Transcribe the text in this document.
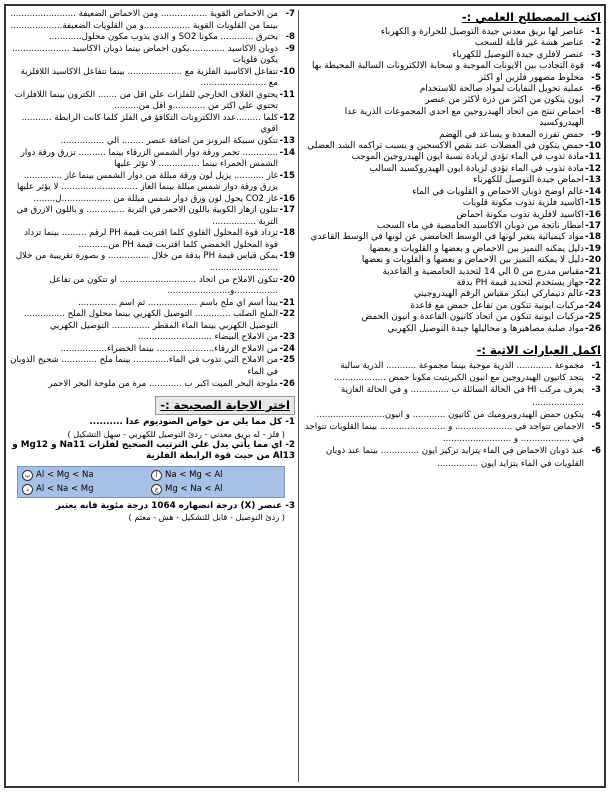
اكتب المصطلح العلمي :-
1-
عناصر لها بريق معدني جيدة التوصيل للحرارة و الكهرباء
2-
عناصر هشة غير قابلة للسحب
3-
عنصر لافلزي جيدة التوصيل للكهرباء
4-
قوة التجاذب بين الايونات الموجبة و سحابة الالكترونات السالبة المحيطة بها
5-
مخلوط مصهور فلزين او اكثر
6-
عملية تحويل النفايات لمواد صالحة للاستخدام
7-
ايون يتكون من اكثر من ذرة لاكثر من عنصر
8-
احماض تنتج من اتحاد الهيدروجين مع احدي المجموعات الذرية عدا الهيدروكسيد
9-
حمض تفرزه المعدة و يساعد في الهضم
10-
حمض يتكون في العضلات عند نقص الاكسجين و يسبب تراكمه الشد العضلي
11-
مادة تذوب في الماء تؤدي لزيادة نسبة ايون الهيدروجين الموجب
12-
مادة تذوب في الماء تؤدي لزيادة ايون الهيدروكسيد السالب
13-
احماض جيدة التوصيل للكهرباء
14-
عالم اوضح ذوبان الاحماض و القلويات في الماء
15-
اكاسيد فلزية تذوب مكونة قلويات
16-
اكاسيد لافلزية تذوب مكونة احماض
17-
امطار ناتجة من ذوبان الاكاسيد الحامضية في ماء السحب
18-
مواد كيميائية يتغير لونها في الوسط الحامضي عن لونها في الوسط القاعدي
19-
دليل يمكنه التميز بين الاحماض و بعضها و القلويات و بعضها
20-
دليل لا يمكنه التميز بين الاحماض و بعضها و القلويات و بعضها
21-
مقياس مدرج من 0 الي 14 لتحديد الحامضية و القاعدية
22-
جهاز يستخدم لتحديد قيمة PH بدقة
23-
عالم دنيماركي ابتكر مقياس الرقم الهيدروجيني
24-
مركبات ايونية تتكون من تفاعل حمض مع قاعدة
25-
مركبات ايونية تتكون من اتحاد كاتيون القاعدة و انيون الحمض
26-
مواد صلبة مصاهيرها و محاليلها جيدة التوصيل الكهربي
اكمل العبارات الاتية :-
1-
مجموعة ............. الذرية موجبة بينما مجموعة ........... الذرية سالبة
2-
يتحد كاتيون الهيدروجين مع انيون الكبريتيت مكونا حمض ...................
3-
يعرف مركب HI في الحالة السائلة ب .............. و في الحالة الغازية ...................
4-
يتكون حمض الهيدروبروميك من كاتيون ............ و انيون.........................
5-
الاحماض تتواجد في ..................... و ........................ بينما القلويات تتواجد في .................. و .........................
6-
عند ذوبان الاحماض في الماء يتزايد تركيز ايون .............. بينما عند ذوبان القلويات في الماء يتزايد ايون ...............
7-
من الاحماض القوية ................. ومن الاحماض الضعيفة ........................ بينما من القلويات القوية .................و من القلويات الضعيفة...................
8-
يحترق ............ مكونا SO2 و الذي يذوب مكون محلول............
9-
ذوبان الاكاسيد .............يكون احماض بينما ذوبان الاكاسيد ..................... يكون قلويات
10-
تتفاعل الاكاسيد الفلزية مع .................... بينما تتفاعل الاكاسيد اللافلزية مع ........................
11-
يحتوي الغلاف الخارجي للفلزات علي اقل من ....... الكترون بينما اللافلزات تحتوي علي اكثر من ............و اقل من.........
12-
كلما .........عدد الالكترونات التكافؤ في الفلز كلما كانت الرابطة ........... اقوي
13-
تتكون سبيكة البرونز من اضافة عنصر ........ الي ................
14-
............. تحمر ورقة دوار الشمس الزرقاء بينما .......... تزرق ورقة دوار الشمس الحمراء بينما ............... لا تؤثر عليها
15-
غاز ........... يزيل لون ورقة مبللة من دوار الشمس بينما غاز .............. يزرق ورقة دوار شمس مبللة بينما الغاز ............................ لا يؤثر عليها
16-
غاز CO2 يحول لون ورق دوار شمس مبللة من ..................ل........
17-
تتلون ازهار الكوبية باللون الاحمر في التربة .............. و باللون الازرق في التربة ................
18-
تزداد قوة المحلول القلوي كلما اقتربت قيمة PH لرقم ......... بينما تزداد قوة المحلول الحمضي كلما اقتربت قيمة PH من...........
19-
يمكن قياس قيمة PH بدقة من خلال ............... و بصورة تقريبية من خلال .........................
20-
تتكون الاملاح من اتحاد ............................ او تتكون من تفاعل ................و.......................
21-
يبدأ اسم اي ملح باسم .................. ثم اسم ..............
22-
الملح الصلب ............. التوصيل الكهربي بينما محلول الملح ............... التوصيل الكهربي بينما الماء المقطر .............. التوصيل الكهربي
23-
من الاملاح البيضاء ...........................
24-
من الاملاح الزرقاء..................... بينما الخضراء.................
25-
من الاملاح التي تذوب في الماء............. بينما ملح ............. شحيح الذوبان في الماء
26-
ملوحة البحر الميت اكبر ب ............ مرة من ملوحة البحر الاحمر
اختر الاجابة الصحيحة :-
1- كل مما يلي من خواص الصوديوم عدا ..........
( فلز - له بريق معدني - ردئ التوصيل للكهربي - سهل التشكيل )
2- اي مما يأتي يدل علي الترتيب الصحيح لفلزات Na11 و Mg12 و Al13 من حيث قوة الرابطة الفلزية
ب Al < Mg < Na	أ Na < Mg < Al
د Al < Na < Mg	ج Mg < Na < Al
3- عنصر (X) درجة انصهاره 1064 درجة مئوية فانه يعتبر
( ردئ التوصيل - قابل للتشكيل - هش - معتم )
